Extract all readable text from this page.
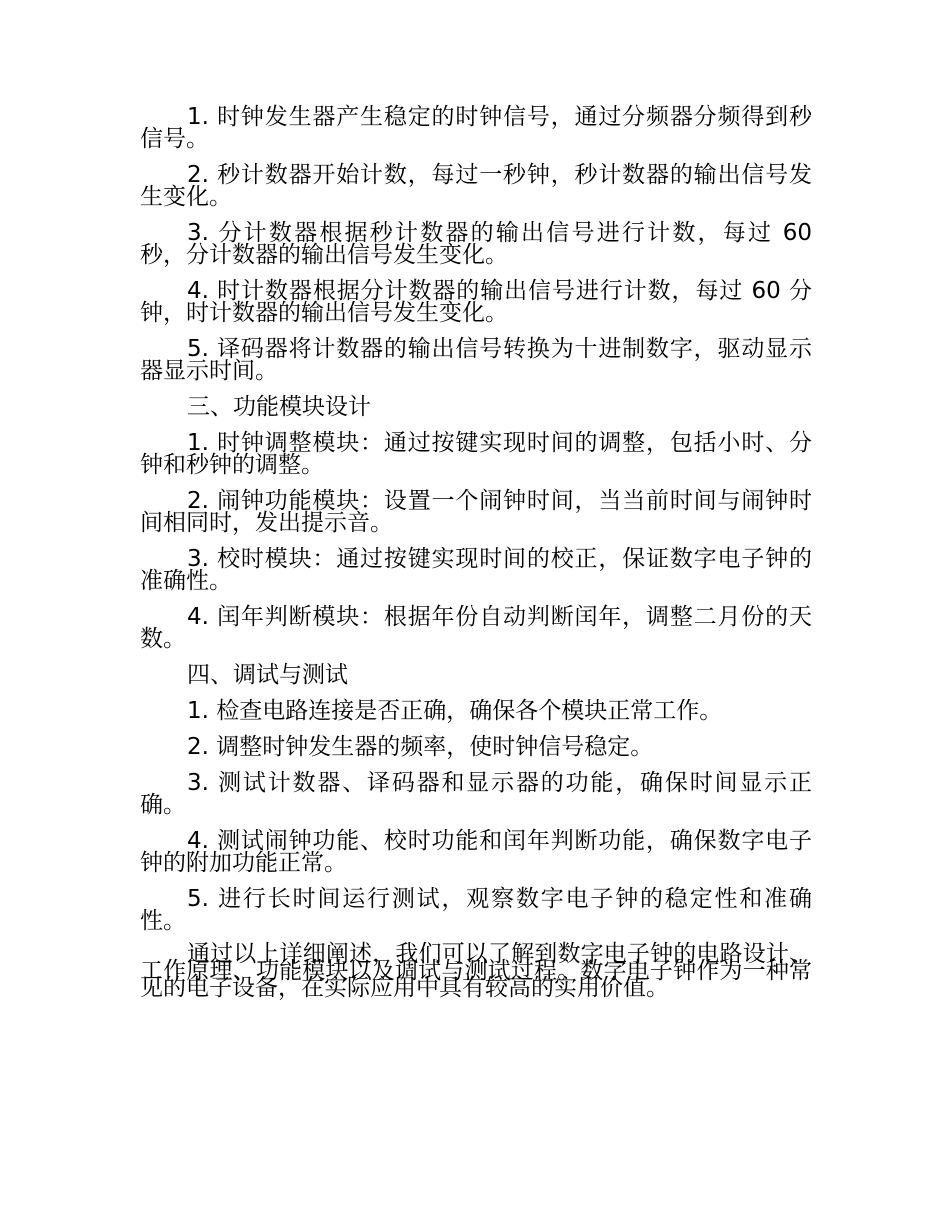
1. 时钟发生器产生稳定的时钟信号，通过分频器分频得到秒信号。

2. 秒计数器开始计数，每过一秒钟，秒计数器的输出信号发生变化。

3. 分计数器根据秒计数器的输出信号进行计数，每过 60 秒，分计数器的输出信号发生变化。

4. 时计数器根据分计数器的输出信号进行计数，每过 60 分钟，时计数器的输出信号发生变化。

5. 译码器将计数器的输出信号转换为十进制数字，驱动显示器显示时间。

三、功能模块设计

1. 时钟调整模块：通过按键实现时间的调整，包括小时、分钟和秒钟的调整。

2. 闹钟功能模块：设置一个闹钟时间，当当前时间与闹钟时间相同时，发出提示音。

3. 校时模块：通过按键实现时间的校正，保证数字电子钟的准确性。

4. 闰年判断模块：根据年份自动判断闰年，调整二月份的天数。

四、调试与测试

1. 检查电路连接是否正确，确保各个模块正常工作。

2. 调整时钟发生器的频率，使时钟信号稳定。

3. 测试计数器、译码器和显示器的功能，确保时间显示正确。

4. 测试闹钟功能、校时功能和闰年判断功能，确保数字电子钟的附加功能正常。

5. 进行长时间运行测试，观察数字电子钟的稳定性和准确性。

通过以上详细阐述，我们可以了解到数字电子钟的电路设计、工作原理、功能模块以及调试与测试过程。数字电子钟作为一种常见的电子设备，在实际应用中具有较高的实用价值。
